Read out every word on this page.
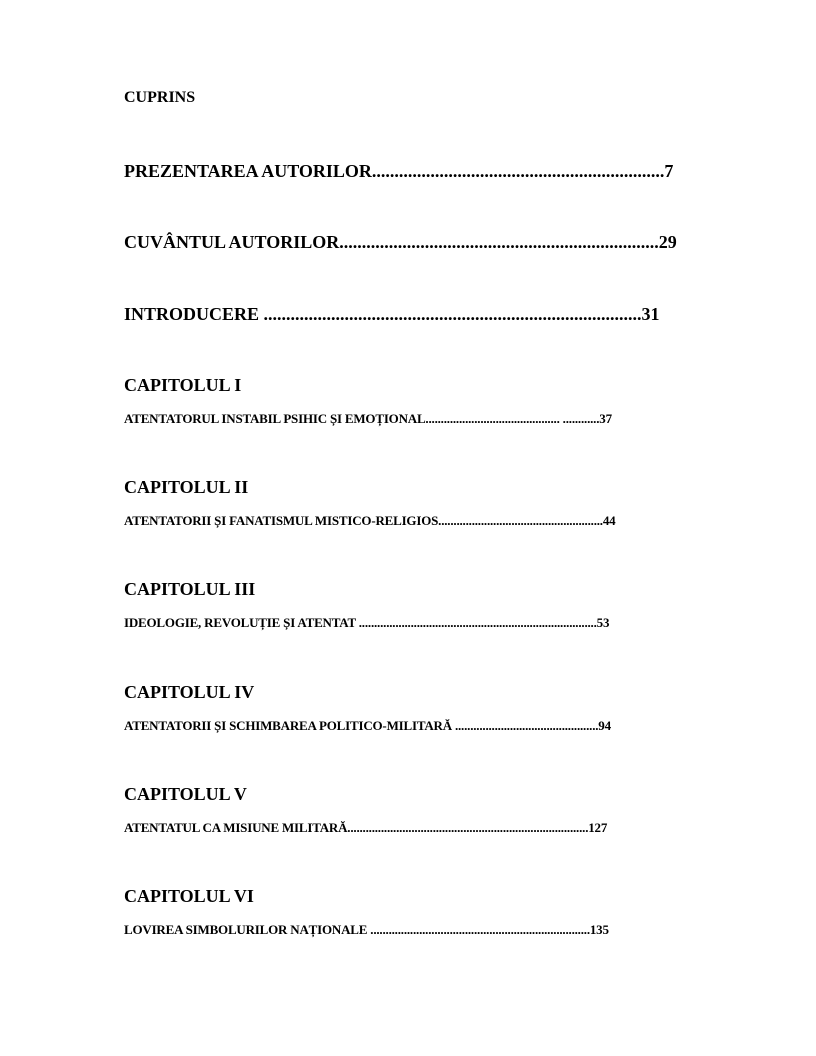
CUPRINS
PREZENTAREA AUTORILOR.................................................................7
CUVÂNTUL AUTORILOR.......................................................................29
INTRODUCERE ....................................................................................31
CAPITOLUL I
ATENTATORUL INSTABIL PSIHIC ȘI EMOȚIONAL............................................ ............37
CAPITOLUL II
ATENTATORII ȘI FANATISMUL MISTICO-RELIGIOS......................................................44
CAPITOLUL III
IDEOLOGIE, REVOLUȚIE ȘI ATENTAT ..............................................................................53
CAPITOLUL IV
ATENTATORII ȘI SCHIMBAREA POLITICO-MILITARĂ ...............................................94
CAPITOLUL V
ATENTATUL CA MISIUNE MILITARĂ...............................................................................127
CAPITOLUL VI
LOVIREA SIMBOLURILOR NAȚIONALE ........................................................................135
